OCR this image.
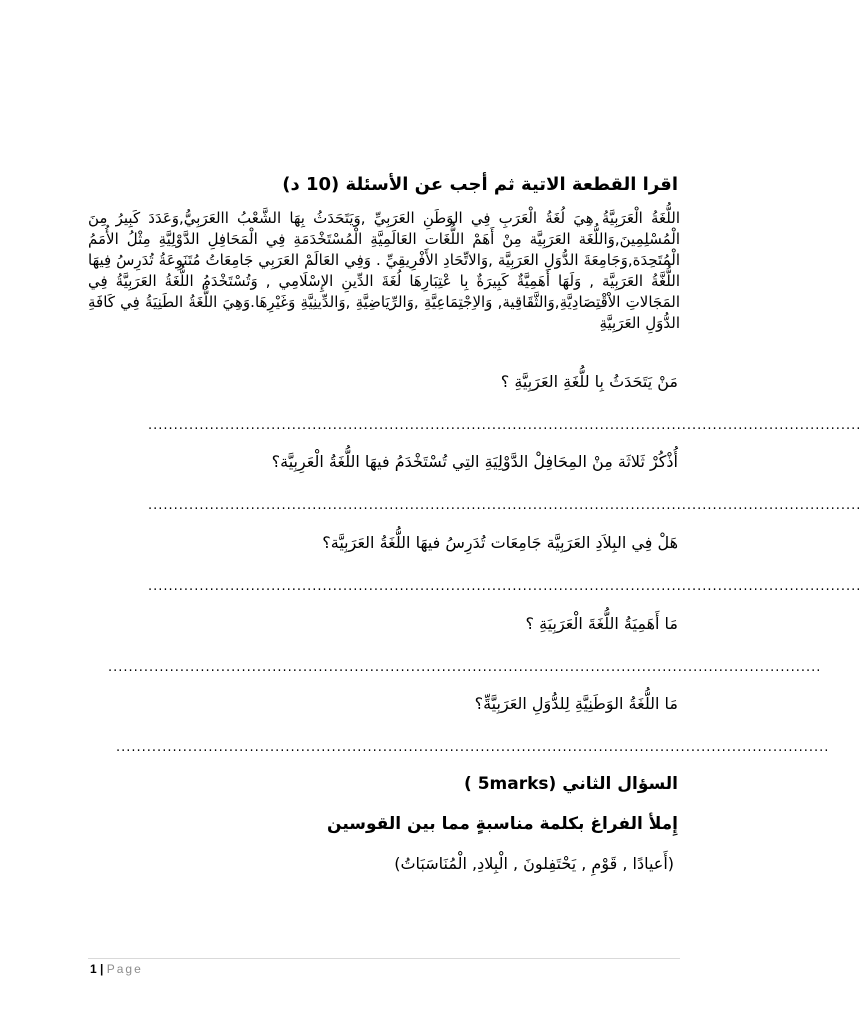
اقرا القطعة الاتية ثم أجب عن الأسئلة (10 د)
اللُّغَةُ الْعَرَبِيَّةُ هِيَ لُغَةُ الْعَرَبِ فِي الوَطَنِ العَرَبِيِّ ,وَيَتَحَدَثُ بِهَا الشَّعْبُ االعَرَبِيُّ,وَعَدَدَ كَبِيرُ مِنَ الْمُسْلِمِينَ,وَاللُّغَة العَرَبِيَّة مِنْ أَهَمْ اللُّغَات العَالَمِيَّةِ الْمُسْتَخْدَمَةِ فِي الْمَحَافِلِ الدَّوْلِيَّةِ مِثْلُ الأُمَمُ الْمُتَحِدَة,وَجَامِعَةَ الدُّوَلِ العَرَبِيَّة ,وَالاتِّحَادِ الأَفْرِيقِيِّ . وَفِي العَالَمْ العَرَبِي جَامِعَاتُ مُتَنَوِعَةُ تُدَرِسُ فِيهَا اللُّغَّةُ العَرَبِيَّة , وَلَهَا أَهَمِيَّةٌ كَبِيرَةٌ بِا عْتِبَارِهَا لُغَةَ الدِّينِ الإِسْلَامِي , وَتُسْتَخْدَمُ اللُّغَةُ العَرَبِيَّةُ فِي المَجَالاتِ الاْقْتِصَادِيَّةِ,وَالثَّقَاقِية, وَالاِجْتِمَاعِيَّةِ ,وَالرِّيَاضِيَّةِ ,وَالدِّينِيَّةِ وَغَيْرِهَا.وَهِيَ اللُّغَةُ الطَنِيَةُ فِي كَافَةِ الدُّوَلِ العَرَبِيَّةِ
مَنْ يَتَحَدَثُ بِا للُّغَةِ العَرَبِيَّةِ ؟
...........................................................................................................................................
أُذْكُرْ ثَلاثَة مِنْ المِحَافِلْ الدَّوْلِيَةِ التِي تُسْتَخْدَمُ فيهَا اللُّغَةُ الْعَرِبِيَّة؟
...........................................................................................................................................
هَلْ فِي البِلاَدِ العَرَبِيَّة جَامِعَات تُدَرِسُ فيهَا اللُّغَةُ العَرَبِيَّة؟
...........................................................................................................................................
مَا أَهَمِيَةُ اللُّغَةَ الْعَرَبِيَةِ ؟
...........................................................................................................................................
مَا اللُّغَةُ الوَطَنِيَّةِ لِلدُّوَلِ العَرَبِيَّةِّ؟
...........................................................................................................................................
السؤال الثاني ( 5marks)
إِملأ الفراغ بكلمة مناسبةٍ مما بين القوسين
(أَعيادًا , قَوْمِ , يَحْتَفِلونَ , الْبِلادِ, الْمُنَاسَبَاتُ)
1 | Page
